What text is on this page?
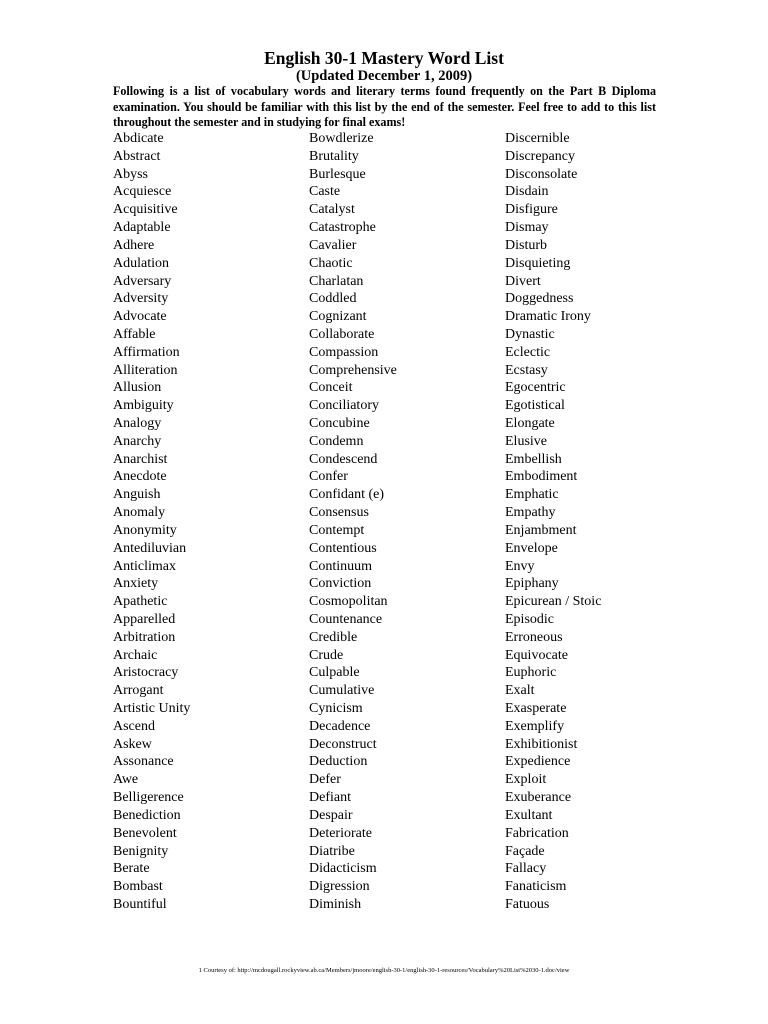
English 30-1 Mastery Word List
(Updated December 1, 2009)
Following is a list of vocabulary words and literary terms found frequently on the Part B Diploma examination. You should be familiar with this list by the end of the semester. Feel free to add to this list throughout the semester and in studying for final exams!
Abdicate
Abstract
Abyss
Acquiesce
Acquisitive
Adaptable
Adhere
Adulation
Adversary
Adversity
Advocate
Affable
Affirmation
Alliteration
Allusion
Ambiguity
Analogy
Anarchy
Anarchist
Anecdote
Anguish
Anomaly
Anonymity
Antediluvian
Anticlimax
Anxiety
Apathetic
Apparelled
Arbitration
Archaic
Aristocracy
Arrogant
Artistic Unity
Ascend
Askew
Assonance
Awe
Belligerence
Benediction
Benevolent
Benignity
Berate
Bombast
Bountiful
Bowdlerize
Brutality
Burlesque
Caste
Catalyst
Catastrophe
Cavalier
Chaotic
Charlatan
Coddled
Cognizant
Collaborate
Compassion
Comprehensive
Conceit
Conciliatory
Concubine
Condemn
Condescend
Confer
Confidant (e)
Consensus
Contempt
Contentious
Continuum
Conviction
Cosmopolitan
Countenance
Credible
Crude
Culpable
Cumulative
Cynicism
Decadence
Deconstruct
Deduction
Defer
Defiant
Despair
Deteriorate
Diatribe
Didacticism
Digression
Diminish
Discernible
Discrepancy
Disconsolate
Disdain
Disfigure
Dismay
Disturb
Disquieting
Divert
Doggedness
Dramatic Irony
Dynastic
Eclectic
Ecstasy
Egocentric
Egotistical
Elongate
Elusive
Embellish
Embodiment
Emphatic
Empathy
Enjambment
Envelope
Envy
Epiphany
Epicurean / Stoic
Episodic
Erroneous
Equivocate
Euphoric
Exalt
Exasperate
Exemplify
Exhibitionist
Expedience
Exploit
Exuberance
Exultant
Fabrication
Façade
Fallacy
Fanaticism
Fatuous
1 Courtesy of: http://mcdougall.rockyview.ab.ca/Members/jmoore/english-30-1/english-30-1-resources/Vocabulary%20List%2030-1.doc/view
